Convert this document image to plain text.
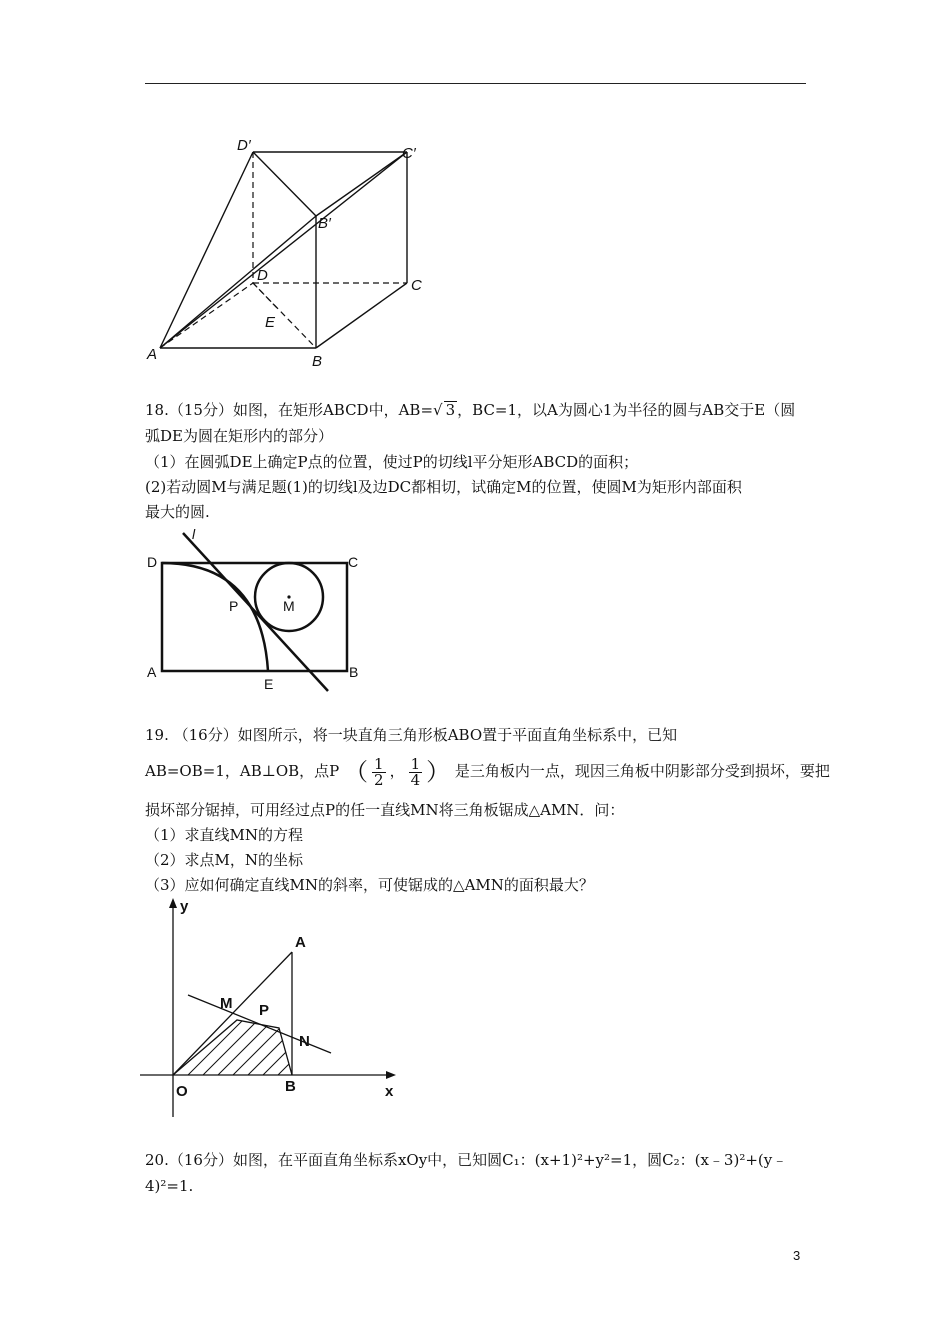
D′	C′
B′
D
C
E
A	B
18.（15分）如图，在矩形ABCD中，AB=√ 3 ，BC=1，以A为圆心1为半径的圆与AB交于E（圆
弧DE为圆在矩形内的部分）
（1）在圆弧DE上确定P点的位置，使过P的切线l平分矩形ABCD的面积；
(2)若动圆M与满足题(1)的切线l及边DC都相切，试确定M的位置，使圆M为矩形内部面积
最大的圆.
l
D	C
P	M
A
E
B
19. （16分）如图所示，将一块直角三角形板ABO置于平面直角坐标系中，已知
AB=OB=1，AB⊥OB，点P （ $\frac{1}{2}$ ， $\frac{1}{4}$ ） 是三角板内一点，现因三角板中阴影部分受到损坏，要把
损坏部分锯掉，可用经过点P的任一直线MN将三角板锯成△AMN．问：
（1）求直线MN的方程
（2）求点M，N的坐标
（3）应如何确定直线MN的斜率，可使锯成的△AMN的面积最大？
y
x
A
M P
N
O	B
20.（16分）如图，在平面直角坐标系xOy中，已知圆C₁：(x+1)²+y²=1，圆C₂：(x﹣3)²+(y﹣
4)²=1.
3
